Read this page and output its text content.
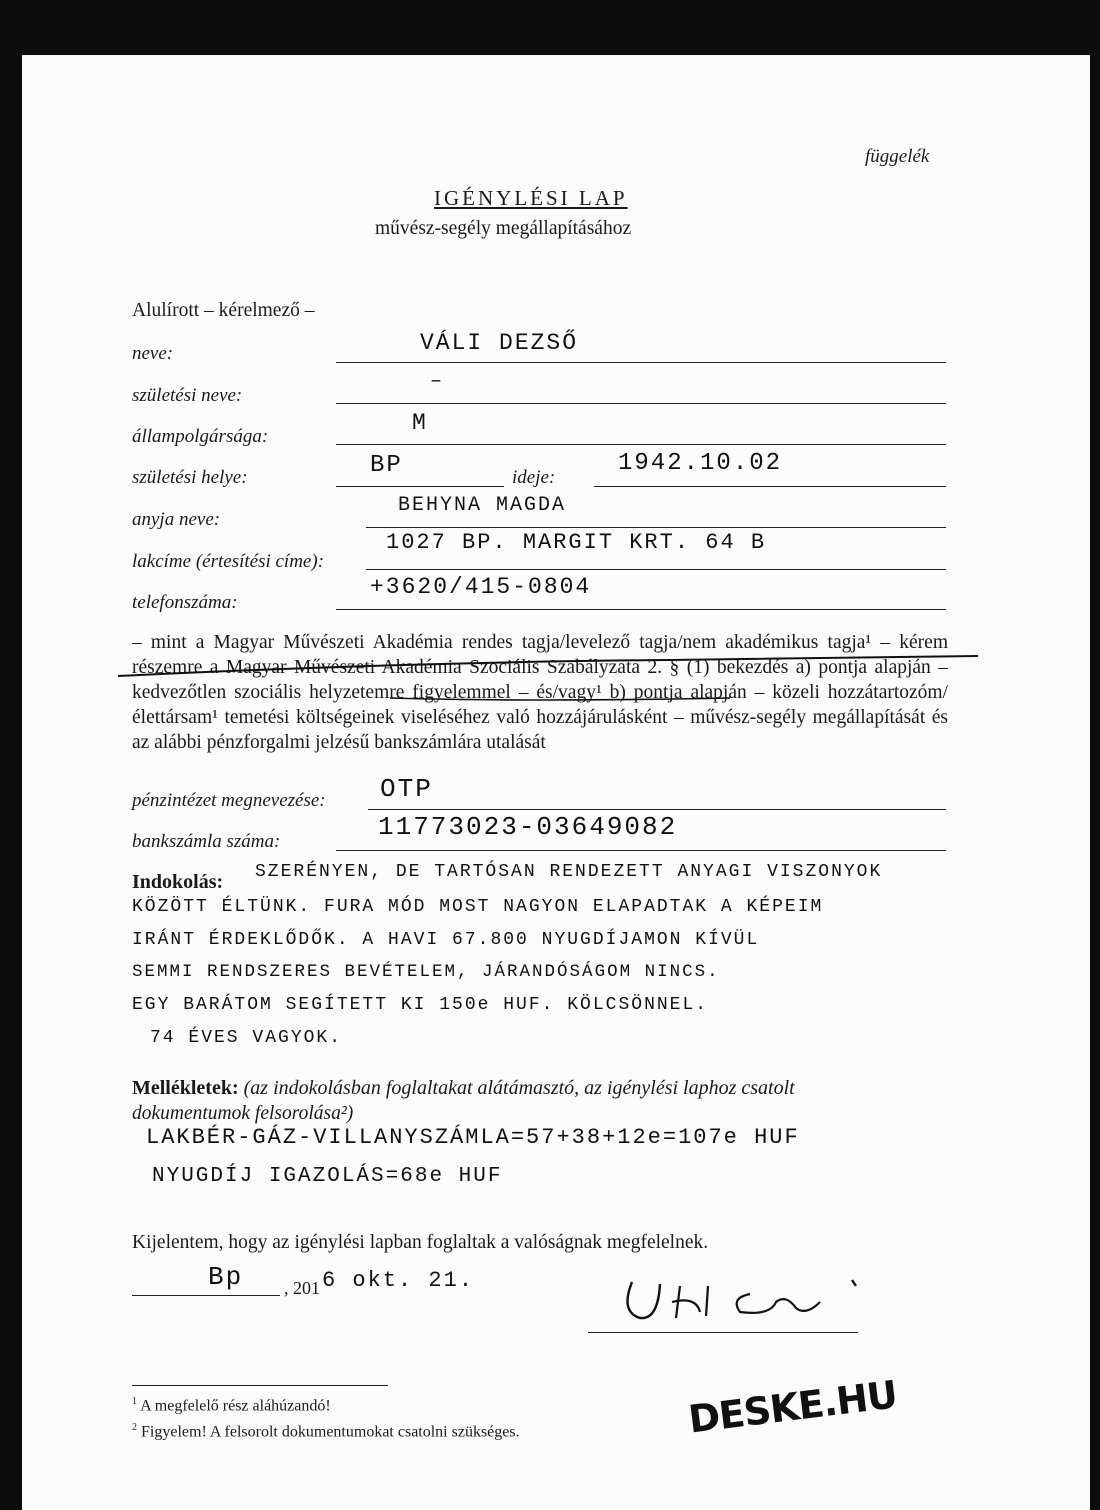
függelék
IGÉNYLÉSI LAP
művész-segély megállapításához
Alulírott – kérelmező –
neve:	VÁLI DEZSŐ
születési neve:
–
állampolgársága:
M
születési helye:	BP	ideje:
1942.10.02
anyja neve:
BEHYNA MAGDA
lakcíme (értesítési címe):
1027 BP. MARGIT KRT. 64 B
telefonszáma:
+3620/415-0804
– mint a Magyar Művészeti Akadémia rendes tagja/levelező tagja/nem akadémikus tagja¹ – kérem részemre a Magyar Művészeti Akadémia Szociális Szabályzata 2. § (1) bekezdés a) pontja alapján – kedvezőtlen szociális helyzetemre figyelemmel – és/vagy¹ b) pontja alapján – közeli hozzátartozóm/élettársam¹ temetési költségeinek viseléséhez való hozzájárulásként – művész-segély megállapítását és az alábbi pénzforgalmi jelzésű bankszámlára utalását
pénzintézet megnevezése: OTP
bankszámla száma:	11773023-03649082
Indokolás: SZERÉNYEN, DE TARTÓSAN RENDEZETT ANYAGI VISZONYOK
KÖZÖTT ÉLTÜNK. FURA MÓD MOST NAGYON ELAPADTAK A KÉPEIM
IRÁNT ÉRDEKLŐDŐK. A HAVI 67.800 NYUGDÍJAMON KÍVÜL
SEMMI RENDSZERES BEVÉTELEM, JÁRANDÓSÁGOM NINCS.
EGY BARÁTOM SEGÍTETT KI 150e HUF. KÖLCSÖNNEL.
74 ÉVES VAGYOK.
Mellékletek: (az indokolásban foglaltakat alátámasztó, az igénylési laphoz csatolt
dokumentumok felsorolása²)
LAKBÉR-GÁZ-VILLANYSZÁMLA=57+38+12e=107e HUF
NYUGDÍJ IGAZOLÁS=68e HUF
Kijelentem, hogy az igénylési lapban foglaltak a valóságnak megfelelnek.
Bp , 201 6 okt. 21.
$^1$ A megfelelő rész aláhúzandó!
$^2$ Figyelem! A felsorolt dokumentumokat csatolni szükséges.	DESKE.HU
